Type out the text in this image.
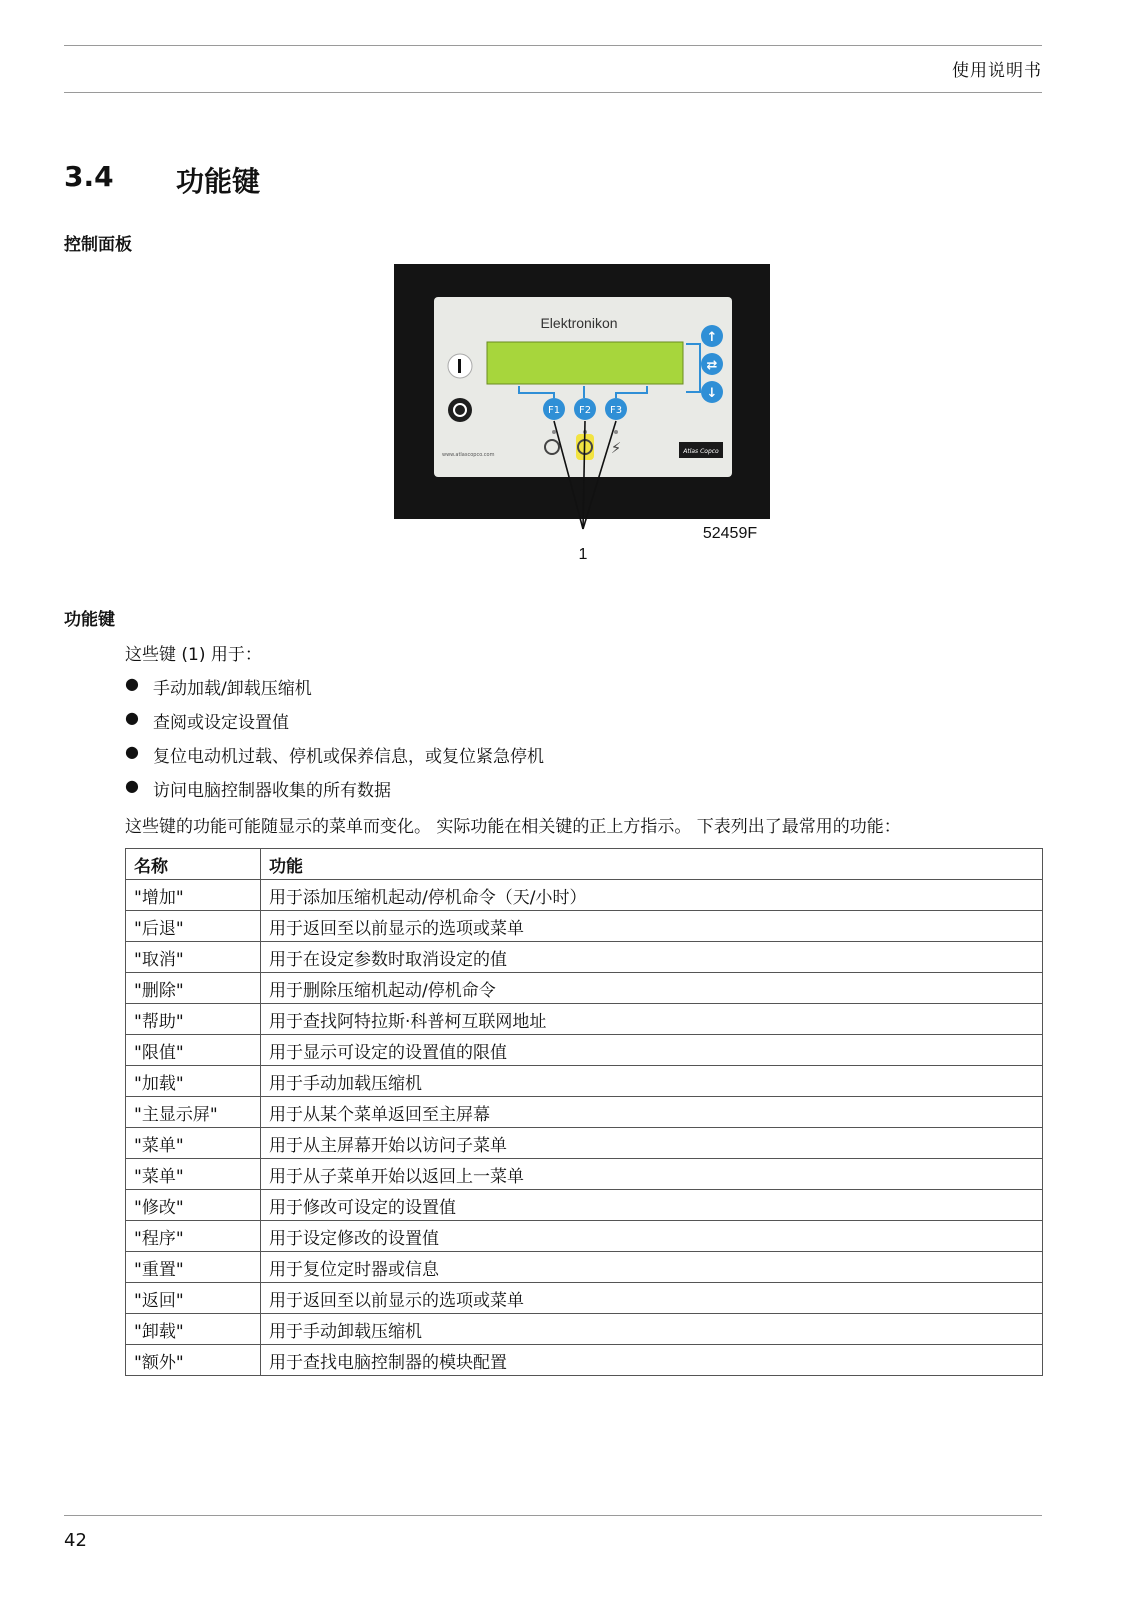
使用说明书
3.4 功能键
控制面板
Elektronikon
↑
⇄
↓
F1 F2 F3
⚡
www.atlascopco.com	Atlas Copco
52459F
1
功能键
这些键 (1) 用于：
● 手动加载/卸载压缩机
● 查阅或设定设置值
● 复位电动机过载、停机或保养信息，或复位紧急停机
● 访问电脑控制器收集的所有数据
这些键的功能可能随显示的菜单而变化。 实际功能在相关键的正上方指示。 下表列出了最常用的功能：
名称	功能
"增加"	用于添加压缩机起动/停机命令（天/小时）
"后退"	用于返回至以前显示的选项或菜单
"取消"	用于在设定参数时取消设定的值
"删除"	用于删除压缩机起动/停机命令
"帮助"	用于查找阿特拉斯·科普柯互联网地址
"限值"	用于显示可设定的设置值的限值
"加载"	用于手动加载压缩机
"主显示屏"	用于从某个菜单返回至主屏幕
"菜单"	用于从主屏幕开始以访问子菜单
"菜单"	用于从子菜单开始以返回上一菜单
"修改"	用于修改可设定的设置值
"程序"	用于设定修改的设置值
"重置"	用于复位定时器或信息
"返回"	用于返回至以前显示的选项或菜单
"卸载"	用于手动卸载压缩机
"额外"	用于查找电脑控制器的模块配置
42
